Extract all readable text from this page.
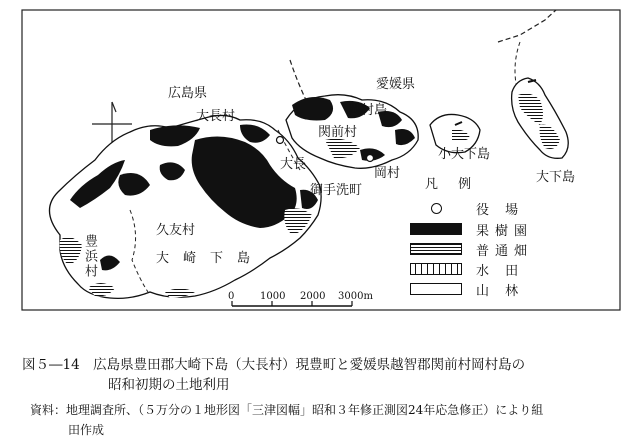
広島県
愛媛県
大長村	岡村島
関前村
大長
岡村
御手洗町
小大下島
大下島
久友村
大崎下島
豊浜村
凡 例
役 場
果樹園
普通畑
水 田
山 林
0	1000 2000 3000m
図５―14　広島県豊田郡大崎下島（大長村）現豊町と愛媛県越智郡関前村岡村島の
昭和初期の土地利用
資料：地理調査所、（５万分の１地形図「三津図幅」昭和３年修正測図24年応急修正）により組
田作成
